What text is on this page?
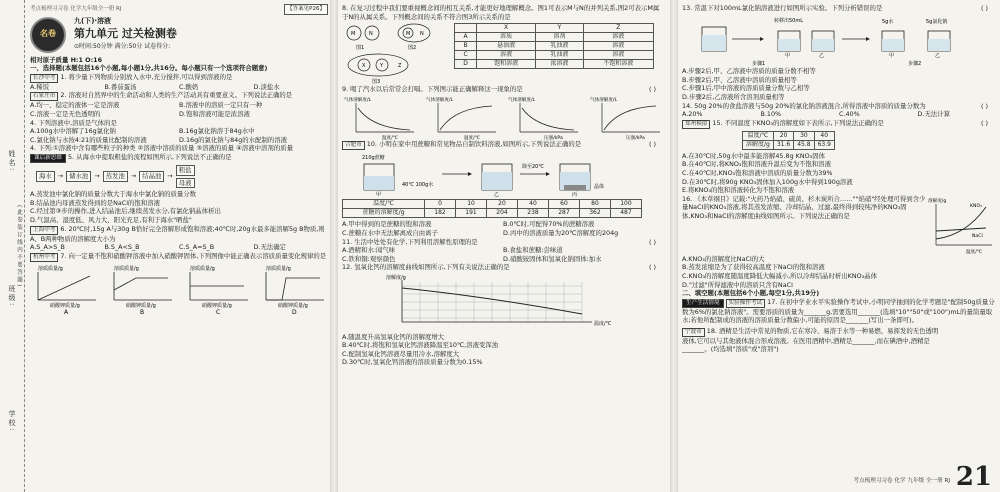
姓名:
班级:
学校:
(此卷装订线内不要答题)
考点梳理习习卷 化学九年级全一册 RJ	【答案见P26】
名卷
九(下)·溶液
第九单元 过关检测卷
⊙时间:50分钟 满分:50分 试卷得分:
相对原子质量 H:1 O:16
一、选择题(本题包括16个小题,每小题1分,共16分。每小题只有一个选项符合题意)
长沙中考 1. 将少量下列物质分别放入水中,充分搅拌,可以得到溶液的是
A.稀饭	B.番茄蛋汤	C.酸奶	D.淡盐水
石家庄市 2. 溶液对自然界中的生命活动和人类的生产活动具有重要意义。下列说法正确的是
A.均一、稳定的液体一定是溶液	B.溶液中的溶质一定只有一种
C.溶液一定是无色透明的	D.饱和溶液可能是浓溶液
4. 下列溶液中,溶质是气体的是
A.100g水中溶解了16g氯化钠	B.16g氯化钠溶于84g水中
C.氯化钠与水按4:21的质量比配制的溶液	D.16g的氯化钠与84g的水配制的溶液
4. 下列:①溶液中含有哪些粒子的种类 ②溶液中溶质的质量 ③溶液的质量 ④溶液中溶剂的质量
课后新思维 5. 从海水中提取粗盐的流程如图所示,下列说法不正确的是
海水 → 储水池 → 蒸发池 → 结晶池 →
粗盐
母液
A.蒸发池中氯化钠的质量分数大于海水中氯化钠的质量分数
B.结晶池内母液蒸发得到的是NaCl的饱和溶液
C.经过第③步的操作,进入结晶池后,继续蒸发水分,有氯化钠晶体析出
D.气温高、湿度低、风力大、阳光充足,有利于海水"晒盐"
上海中考 6. 20℃时,15g A与30g B恰好完全溶解形成饱和溶液;40℃时,20g水最多能溶解5g B物质,则A、B两种物质的溶解度大小为
A.S_A>S_B	B.S_A<S_B	C.S_A=S_B	D.无法确定
杭州中考 7. 向一定量不饱和硝酸钾溶液中加入硝酸钾固体,下列图像中能正确表示溶质质量变化规律的是
溶质质量/g
硝酸钾质量/g
A
溶质质量/g
硝酸钾质量/g
B
溶质质量/g
硝酸钾质量/g
C
溶质质量/g
硝酸钾质量/g
D
8. 在复习过程中我们要重视概念间的相互关系,才能更好地理解概念。图1可表示M与N的并列关系,图2可表示M属于N的从属关系。下列概念间的关系不符合图3所示关系的是
M	N
图1
M N
图2
X	Y	Z
图3
	X	Y	Z
A	溶质	溶剂	溶液
B	悬浊液	乳浊液	溶液
C	溶液	乳浊液	溶液
D	饱和溶液	浓溶液	不饱和溶液
9. 喝了汽水以后常常会打嗝。下列图示能正确解释这一现象的是	( )
气体溶解度/L
温度/℃
气体溶解度/L
温度/℃
气体溶解度/L
压强/kPa
气体溶解度/L
压强/kPa
合肥市 10. 小明在家中用蔗糖和常见物品自制饮料溶液,如图所示,下列说法正确的是	( )
210g蔗糖
40℃ 100g水
甲	乙
降至20℃
晶体
丙
温度/℃	0	10	20	40	60	80	100
蔗糖的溶解度/g	182	191	204	238	287	362	487
A.甲中得到的是蔗糖的饱和溶液	B.0℃时,可配得70%的蔗糖溶液
C.蔗糖在水中无法解离成自由离子	D.丙中的溶液质量为20℃溶解度的204g
11. 生活中处处有化学,下列利用溶解性原理的是	( )
A.酒精和水:闻气味	B.食盐和蔗糖:尝味道
C.铁和铜:观察颜色	D.硝酸铵固体和氢氧化钠固体:加水
12. 氢氧化钙的溶解度曲线如图所示,下列有关说法正确的是	( )
溶解度/g
温度/℃
A.随温度升高氢氧化钙的溶解度增大
B.40℃时,将饱和氢氧化钙溶液降温至10℃,溶液变浑浊
C.配制氢氧化钙溶液尽量用冷水,溶解度大
D.30℃时,氢氧化钙溶液的溶质质量分数为0.15%
13. 常温下对100mL氯化钠溶液进行如图所示实验。下列分析错误的是	( )
转移出50mL
甲	乙
步骤1
5g水	5g氯化钠
甲	乙
步骤2
A.步骤2后,甲、乙溶液中溶质的质量分数不相等
B.步骤2后,甲、乙溶液中溶质的质量相等
C.步骤1后,甲中溶液的溶质质量分数与乙相等
D.步骤2后,乙溶液所含溶剂质量相等
14. 50g 20%的食盐溶液与50g 20%的氯化钠溶液混合,所得溶液中溶质的质量分数为	( )
A.20%	B.10%	C.40%	D.无法计算
郑州模拟 15. 不同温度下KNO₃的溶解度如下表所示,下列说法正确的是	( )
温度/℃	20	30	40
溶解度/g	31.6	45.8	63.9
A.在30℃时,50g水中最多能溶解45.8g KNO₃固体
B.在40℃时,将KNO₃饱和溶液升温后变为不饱和溶液
C.在40℃时,KNO₃饱和溶液中溶质的质量分数为39%
D.在30℃时,将90g KNO₃固体加入100g水中得到190g溶液
E.将KNO₃的饱和溶液转化为不饱和溶液
16. 《本草纲目》记载:"火药乃焰硝、硫黄、杉木炭所合……""焰硝"经处理可得到含少量NaCl的KNO₃溶液,将其蒸发浓缩、冷却结晶、过滤,最终得到较纯净的KNO₃固体,KNO₃和NaCl的溶解度曲线如图所示。下列说法正确的是
溶解度/g
KNO₃
NaCl
温度/℃
A.KNO₃的溶解度比NaCl的大
B.蒸发浓缩是为了获得较高温度下NaCl的饱和溶液
C.KNO₃的溶解度随温度降低大幅减小,所以冷却结晶时析出KNO₃晶体
D."过滤"所得滤液中的溶质只含有NaCl
二、填空题(本题包括6个小题,每空1分,共19分)
生产生活情境 实验操作考试 17. 在初中学业水平实验操作考试中,小明同学抽到的化学考题是"配制50g质量分数为6%的氯化钠溶液"。需要溶质的质量为_______g,需要选用_______(选填"10""50"或"100")mL的量筒量取水;若他所配制成的溶液的溶质质量分数偏小,可能的原因是_______(写出一条即可)。
宁波市 18. 酒精是生活中常见的物质,它在寒冷、易溶于水等一种易燃、易挥发的无色透明液体,它可以与其他液体混合形成溶液。在医用酒精中,酒精是_______,而在碘酒中,酒精是_______。(均选填"溶质"或"溶剂")
考点梳理习习卷 化学 九年级 全一册 RJ 21
